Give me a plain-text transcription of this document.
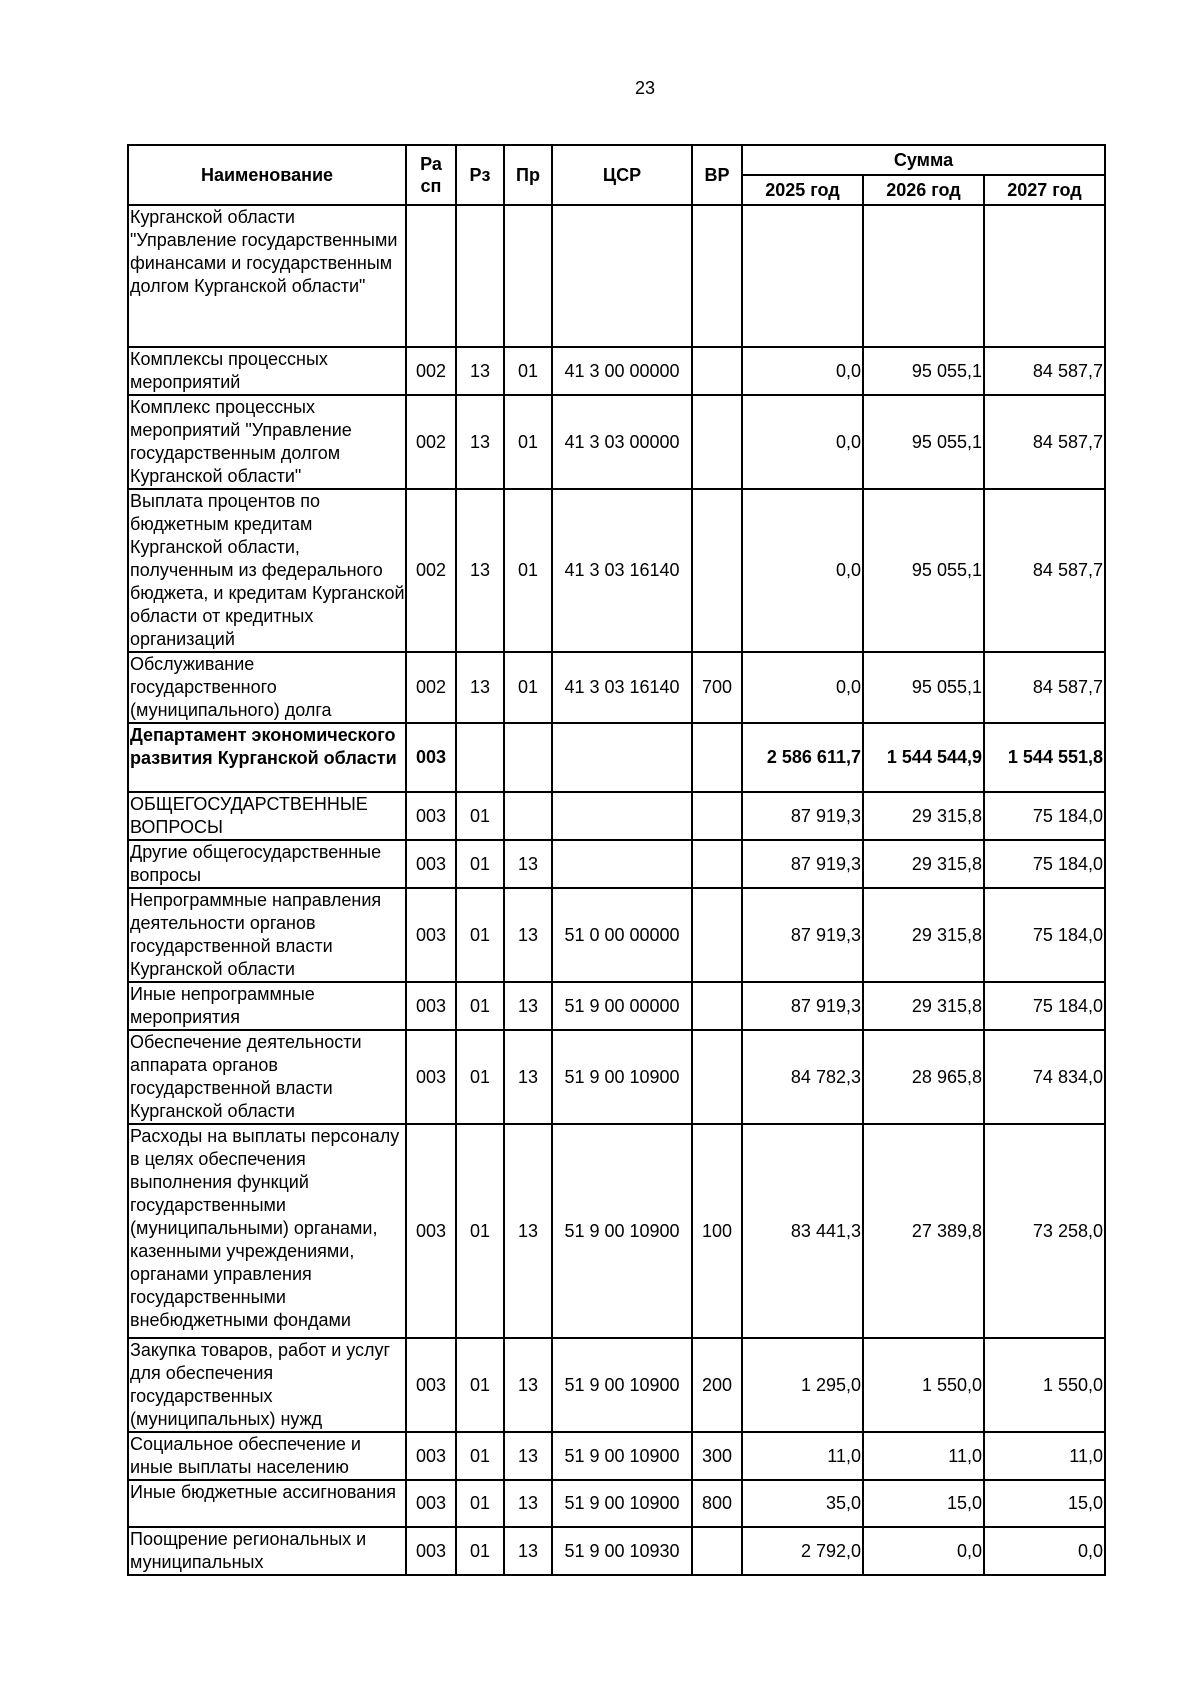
23
Наименование	Ра сп	Рз	Пр	ЦСР	ВР	Сумма		
						2025 год	2026 год	2027 год
Курганской области "Управление государственными финансами и государственным долгом Курганской области"								
Комплексы процессных мероприятий	002	13	01	41 3 00 00000		0,0	95 055,1	84 587,7
Комплекс процессных мероприятий "Управление государственным долгом Курганской области"	002	13	01	41 3 03 00000		0,0	95 055,1	84 587,7
Выплата процентов по бюджетным кредитам Курганской области, полученным из федерального бюджета, и кредитам Курганской области от кредитных организаций	002	13	01	41 3 03 16140		0,0	95 055,1	84 587,7
Обслуживание государственного (муниципального) долга	002	13	01	41 3 03 16140	700	0,0	95 055,1	84 587,7
Департамент экономического развития Курганской области	003					2 586 611,7	1 544 544,9	1 544 551,8
ОБЩЕГОСУДАРСТВЕННЫЕ ВОПРОСЫ	003	01				87 919,3	29 315,8	75 184,0
Другие общегосударственные вопросы	003	01	13			87 919,3	29 315,8	75 184,0
Непрограммные направления деятельности органов государственной власти Курганской области	003	01	13	51 0 00 00000		87 919,3	29 315,8	75 184,0
Иные непрограммные мероприятия	003	01	13	51 9 00 00000		87 919,3	29 315,8	75 184,0
Обеспечение деятельности аппарата органов государственной власти Курганской области	003	01	13	51 9 00 10900		84 782,3	28 965,8	74 834,0
Расходы на выплаты персоналу в целях обеспечения выполнения функций государственными (муниципальными) органами, казенными учреждениями, органами управления государственными внебюджетными фондами	003	01	13	51 9 00 10900	100	83 441,3	27 389,8	73 258,0
Закупка товаров, работ и услуг для обеспечения государственных (муниципальных) нужд	003	01	13	51 9 00 10900	200	1 295,0	1 550,0	1 550,0
Социальное обеспечение и иные выплаты населению	003	01	13	51 9 00 10900	300	11,0	11,0	11,0
Иные бюджетные ассигнования	003	01	13	51 9 00 10900	800	35,0	15,0	15,0
Поощрение региональных и муниципальных	003	01	13	51 9 00 10930		2 792,0	0,0	0,0
